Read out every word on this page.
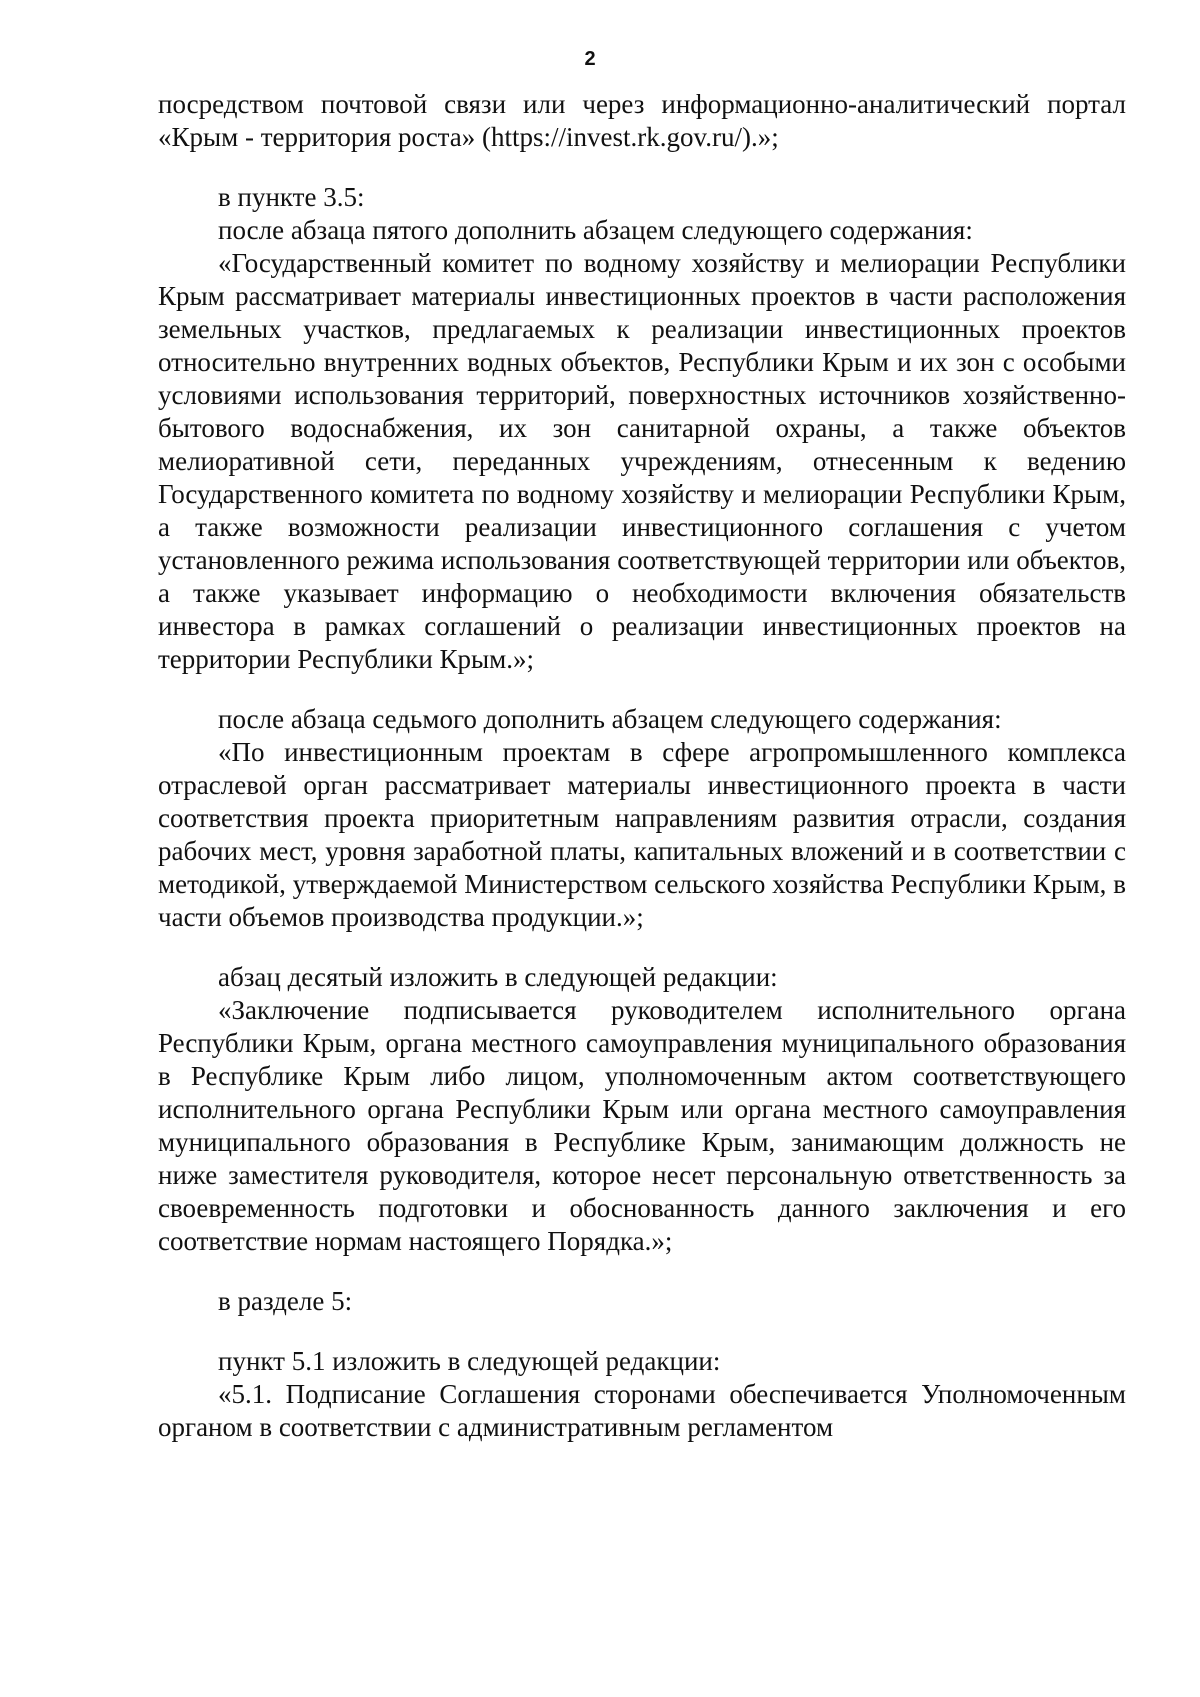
2

посредством почтовой связи или через информационно-аналитический портал «Крым - территория роста» (https://invest.rk.gov.ru/).»;

в пункте 3.5:

после абзаца пятого дополнить абзацем следующего содержания:

«Государственный комитет по водному хозяйству и мелиорации Республики Крым рассматривает материалы инвестиционных проектов в части расположения земельных участков, предлагаемых к реализации инвестиционных проектов относительно внутренних водных объектов, Республики Крым и их зон с особыми условиями использования территорий, поверхностных источников хозяйственно-бытового водоснабжения, их зон санитарной охраны, а также объектов мелиоративной сети, переданных учреждениям, отнесенным к ведению Государственного комитета по водному хозяйству и мелиорации Республики Крым, а также возможности реализации инвестиционного соглашения с учетом установленного режима использования соответствующей территории или объектов, а также указывает информацию о необходимости включения обязательств инвестора в рамках соглашений о реализации инвестиционных проектов на территории Республики Крым.»;

после абзаца седьмого дополнить абзацем следующего содержания:

«По инвестиционным проектам в сфере агропромышленного комплекса отраслевой орган рассматривает материалы инвестиционного проекта в части соответствия проекта приоритетным направлениям развития отрасли, создания рабочих мест, уровня заработной платы, капитальных вложений и в соответствии с методикой, утверждаемой Министерством сельского хозяйства Республики Крым, в части объемов производства продукции.»;

абзац десятый изложить в следующей редакции:

«Заключение подписывается руководителем исполнительного органа Республики Крым, органа местного самоуправления муниципального образования в Республике Крым либо лицом, уполномоченным актом соответствующего исполнительного органа Республики Крым или органа местного самоуправления муниципального образования в Республике Крым, занимающим должность не ниже заместителя руководителя, которое несет персональную ответственность за своевременность подготовки и обоснованность данного заключения и его соответствие нормам настоящего Порядка.»;

в разделе 5:

пункт 5.1 изложить в следующей редакции:

«5.1. Подписание Соглашения сторонами обеспечивается Уполномоченным органом в соответствии с административным регламентом
